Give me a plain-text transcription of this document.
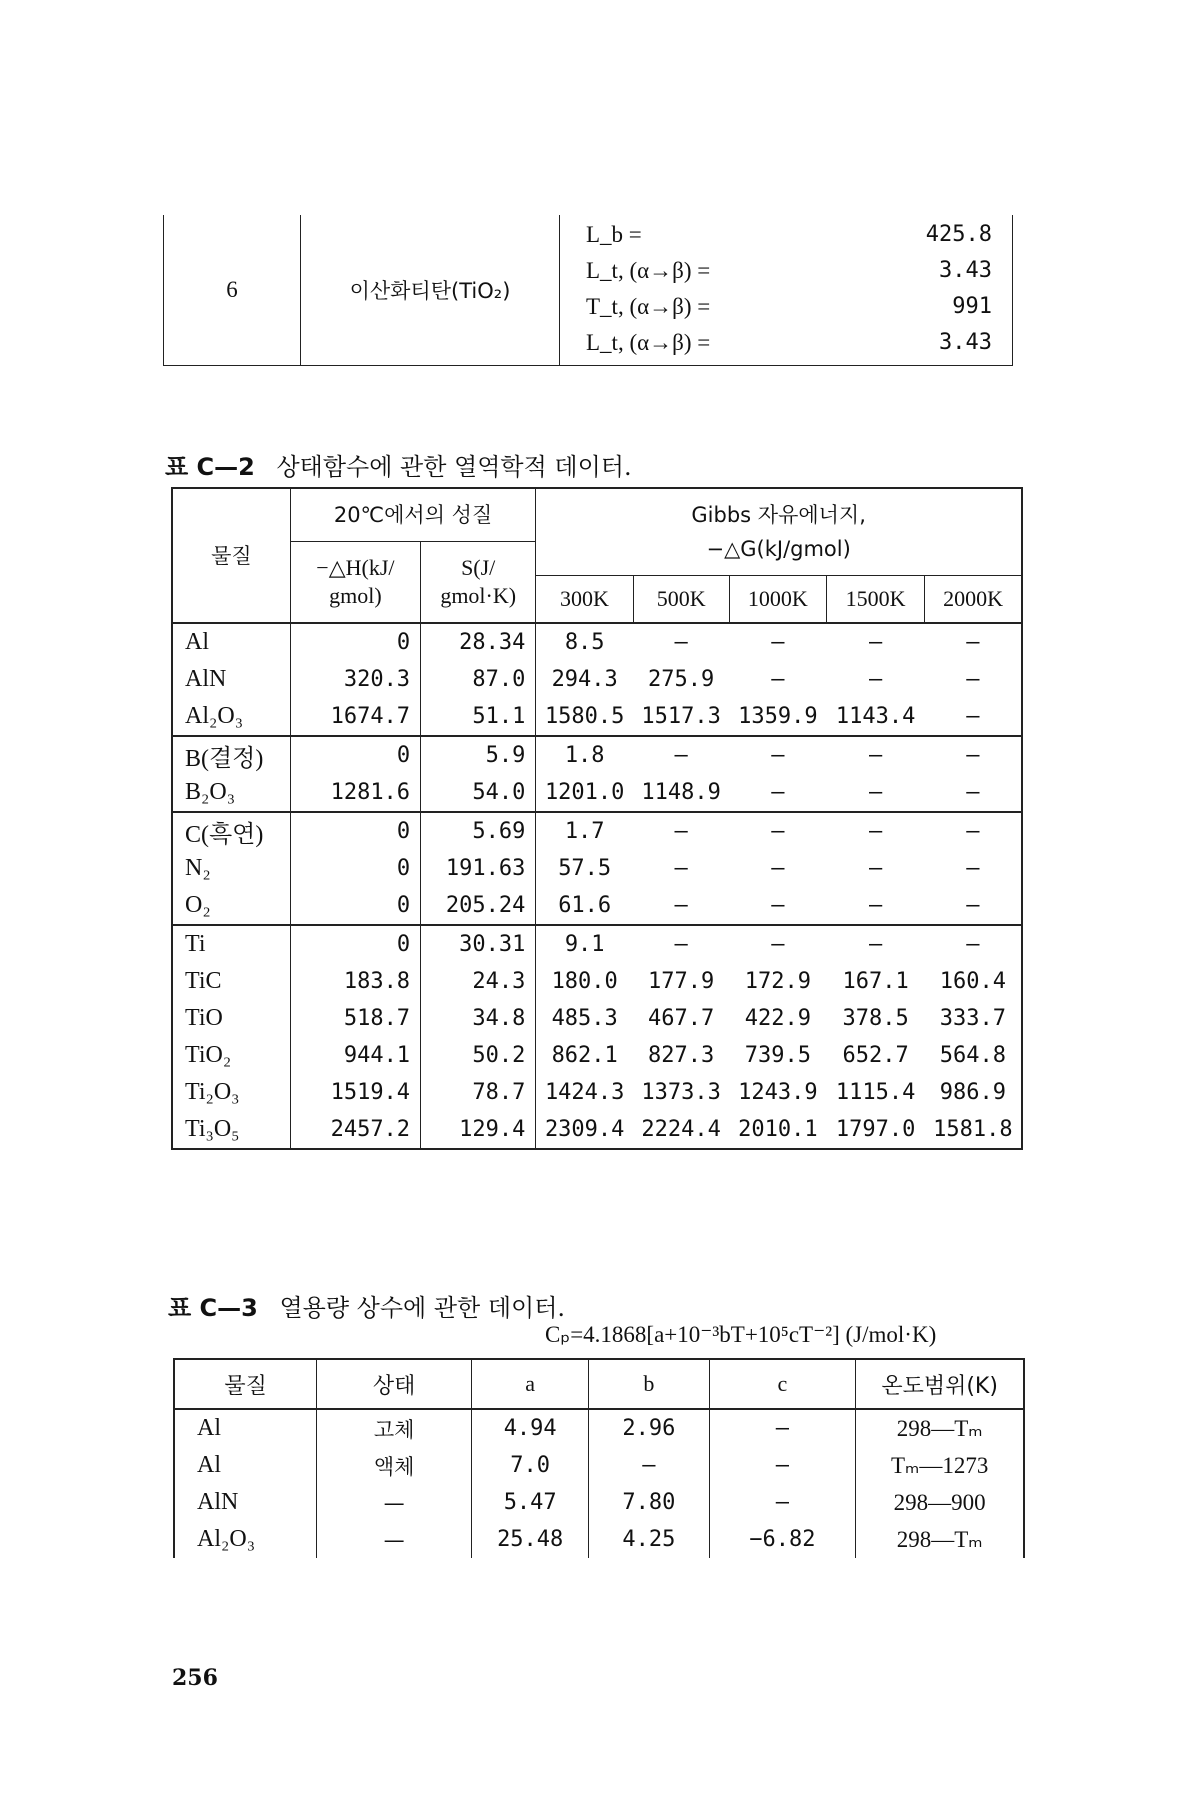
6	이산화티탄(TiO₂)	
L_b =	425.8
L_t, (α→β) =	3.43
T_t, (α→β) =	991
L_t, (α→β) =	3.43
표 C—2 상태함수에 관한 열역학적 데이터.
물질	20℃에서의 성질		Gibbs 자유에너지,
−△G(kJ/gmol)				

	−△H(kJ/ gmol)	S(J/ gmol·K)					
			300K	500K	1000K	1500K	2000K
Al	0	28.34	8.5	—	—	—	—
AlN	320.3	87.0	294.3	275.9	—	—	—
Al₂O₃	1674.7	51.1	1580.5	1517.3	1359.9	1143.4	—
B(결정)	0	5.9	1.8	—	—	—	—
B₂O₃	1281.6	54.0	1201.0	1148.9	—	—	—
C(흑연)	0	5.69	1.7	—	—	—	—
N₂	0	191.63	57.5	—	—	—	—
O₂	0	205.24	61.6	—	—	—	—
Ti	0	30.31	9.1	—	—	—	—
TiC	183.8	24.3	180.0	177.9	172.9	167.1	160.4
TiO	518.7	34.8	485.3	467.7	422.9	378.5	333.7
TiO₂	944.1	50.2	862.1	827.3	739.5	652.7	564.8
Ti₂O₃	1519.4	78.7	1424.3	1373.3	1243.9	1115.4	986.9
Ti₃O₅	2457.2	129.4	2309.4	2224.4	2010.1	1797.0	1581.8
표 C—3 열용량 상수에 관한 데이터.
Cₚ=4.1868[a+10⁻³bT+10⁵cT⁻²] (J/mol·K)
물질	상태	a	b	c	온도범위(K)
Al	고체	4.94	2.96	—	298—Tₘ
Al	액체	7.0	—	—	Tₘ—1273
AlN	—	5.47	7.80	—	298—900
Al₂O₃	—	25.48	4.25	−6.82	298—Tₘ
256
